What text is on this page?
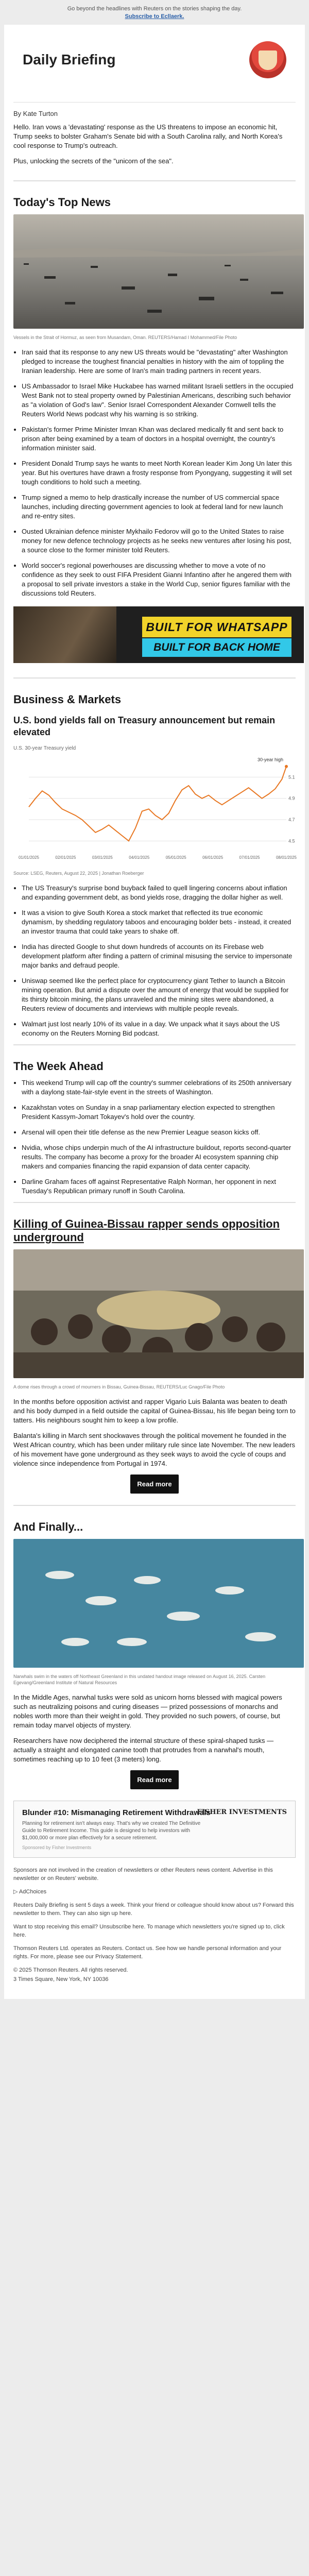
Go beyond the headlines with Reuters on the stories shaping the day.
Subscribe to Ecllaerk.
Daily Briefing
By Kate Turton

Hello. Iran vows a 'devastating' response as the US threatens to impose an economic hit, Trump seeks to bolster Graham's Senate bid with a South Carolina rally, and North Korea's cool response to Trump's outreach.

Plus, unlocking the secrets of the "unicorn of the sea".

Today's Top News
Vessels in the Strait of Hormuz, as seen from Musandam, Oman. REUTERS/Hamad I Mohammed/File Photo
• Iran said that its response to any new US threats would be "devastating" after Washington pledged to increase the toughest financial penalties in history with the aim of toppling the Iranian leadership. Here are some of Iran's main trading partners in recent years.
• US Ambassador to Israel Mike Huckabee has warned militant Israeli settlers in the occupied West Bank not to steal property owned by Palestinian Americans, describing such behavior as "a violation of God's law". Senior Israel Correspondent Alexander Cornwell tells the Reuters World News podcast why his warning is so striking.
• Pakistan's former Prime Minister Imran Khan was declared medically fit and sent back to prison after being examined by a team of doctors in a hospital overnight, the country's information minister said.
• President Donald Trump says he wants to meet North Korean leader Kim Jong Un later this year. But his overtures have drawn a frosty response from Pyongyang, suggesting it will set tough conditions to hold such a meeting.
• Trump signed a memo to help drastically increase the number of US commercial space launches, including directing government agencies to look at federal land for new launch and re-entry sites.
• Ousted Ukrainian defence minister Mykhailo Fedorov will go to the United States to raise money for new defence technology projects as he seeks new ventures after losing his post, a source close to the former minister told Reuters.
• World soccer's regional powerhouses are discussing whether to move a vote of no confidence as they seek to oust FIFA President Gianni Infantino after he angered them with a proposal to sell private investors a stake in the World Cup, senior figures familiar with the discussions told Reuters.
BUILT FOR WHATSAPP
BUILT FOR BACK HOME
Business & Markets
U.S. bond yields fall on Treasury announcement but remain elevated
U.S. 30-year Treasury yield
4.5
4.7
4.9
5.1
01/01/2025	02/01/2025	03/01/2025	04/01/2025	05/01/2025	06/01/2025	07/01/2025	08/01/2025
30-year high
Source: LSEG, Reuters, August 22, 2025 | Jonathan Roeberger
• The US Treasury's surprise bond buyback failed to quell lingering concerns about inflation and expanding government debt, as bond yields rose, dragging the dollar higher as well.
• It was a vision to give South Korea a stock market that reflected its true economic dynamism, by shedding regulatory taboos and encouraging bolder bets - instead, it created an investor trauma that could take years to shake off.
• India has directed Google to shut down hundreds of accounts on its Firebase web development platform after finding a pattern of criminal misusing the service to impersonate major banks and defraud people.
• Uniswap seemed like the perfect place for cryptocurrency giant Tether to launch a Bitcoin mining operation. But amid a dispute over the amount of energy that would be supplied for its thirsty bitcoin mining, the plans unraveled and the mining sites were abandoned, a Reuters review of documents and interviews with multiple people reveals.
• Walmart just lost nearly 10% of its value in a day. We unpack what it says about the US economy on the Reuters Morning Bid podcast.
The Week Ahead
• This weekend Trump will cap off the country's summer celebrations of its 250th anniversary with a daylong state-fair-style event in the streets of Washington.
• Kazakhstan votes on Sunday in a snap parliamentary election expected to strengthen President Kassym-Jomart Tokayev's hold over the country.
• Arsenal will open their title defense as the new Premier League season kicks off.
• Nvidia, whose chips underpin much of the AI infrastructure buildout, reports second-quarter results. The company has become a proxy for the broader AI ecosystem spanning chip makers and companies financing the rapid expansion of data center capacity.
• Darline Graham faces off against Representative Ralph Norman, her opponent in next Tuesday's Republican primary runoff in South Carolina.
Killing of Guinea-Bissau rapper sends opposition underground
A dome rises through a crowd of mourners in Bissau, Guinea-Bissau, REUTERS/Luc Gnago/File Photo

In the months before opposition activist and rapper Vigario Luis Balanta was beaten to death and his body dumped in a field outside the capital of Guinea-Bissau, his life began being torn to tatters. His neighbours sought him to keep a low profile.

Balanta's killing in March sent shockwaves through the political movement he founded in the West African country, which has been under military rule since late November. The new leaders of his movement have gone underground as they seek ways to avoid the cycle of coups and violence since independence from Portugal in 1974.

Read more
And Finally...
Narwhals swim in the waters off Northeast Greenland in this undated handout image released on August 16, 2025. Carsten Egevang/Greenland Institute of Natural Resources

In the Middle Ages, narwhal tusks were sold as unicorn horns blessed with magical powers such as neutralizing poisons and curing diseases — prized possessions of monarchs and nobles worth more than their weight in gold. They provided no such powers, of course, but remain today marvel objects of mystery.

Researchers have now deciphered the internal structure of these spiral-shaped tusks — actually a straight and elongated canine tooth that protrudes from a narwhal's mouth, sometimes reaching up to 10 feet (3 meters) long.

Read more
Blunder #10: Mismanaging Retirement Withdrawals
Planning for retirement isn't always easy. That's why we created The Definitive Guide to Retirement Income. This guide is designed to help investors with $1,000,000 or more plan effectively for a secure retirement.
FISHER INVESTMENTS
Sponsored by Fisher Investments

Sponsors are not involved in the creation of newsletters or other Reuters news content. Advertise in this newsletter or on Reuters' website.

▷ AdChoices

Reuters Daily Briefing is sent 5 days a week. Think your friend or colleague should know about us? Forward this newsletter to them. They can also sign up here.

Want to stop receiving this email? Unsubscribe here. To manage which newsletters you're signed up to, click here.

Thomson Reuters Ltd. operates as Reuters. Contact us. See how we handle personal information and your rights. For more, please see our Privacy Statement.

© 2025 Thomson Reuters. All rights reserved.

3 Times Square, New York, NY 10036
